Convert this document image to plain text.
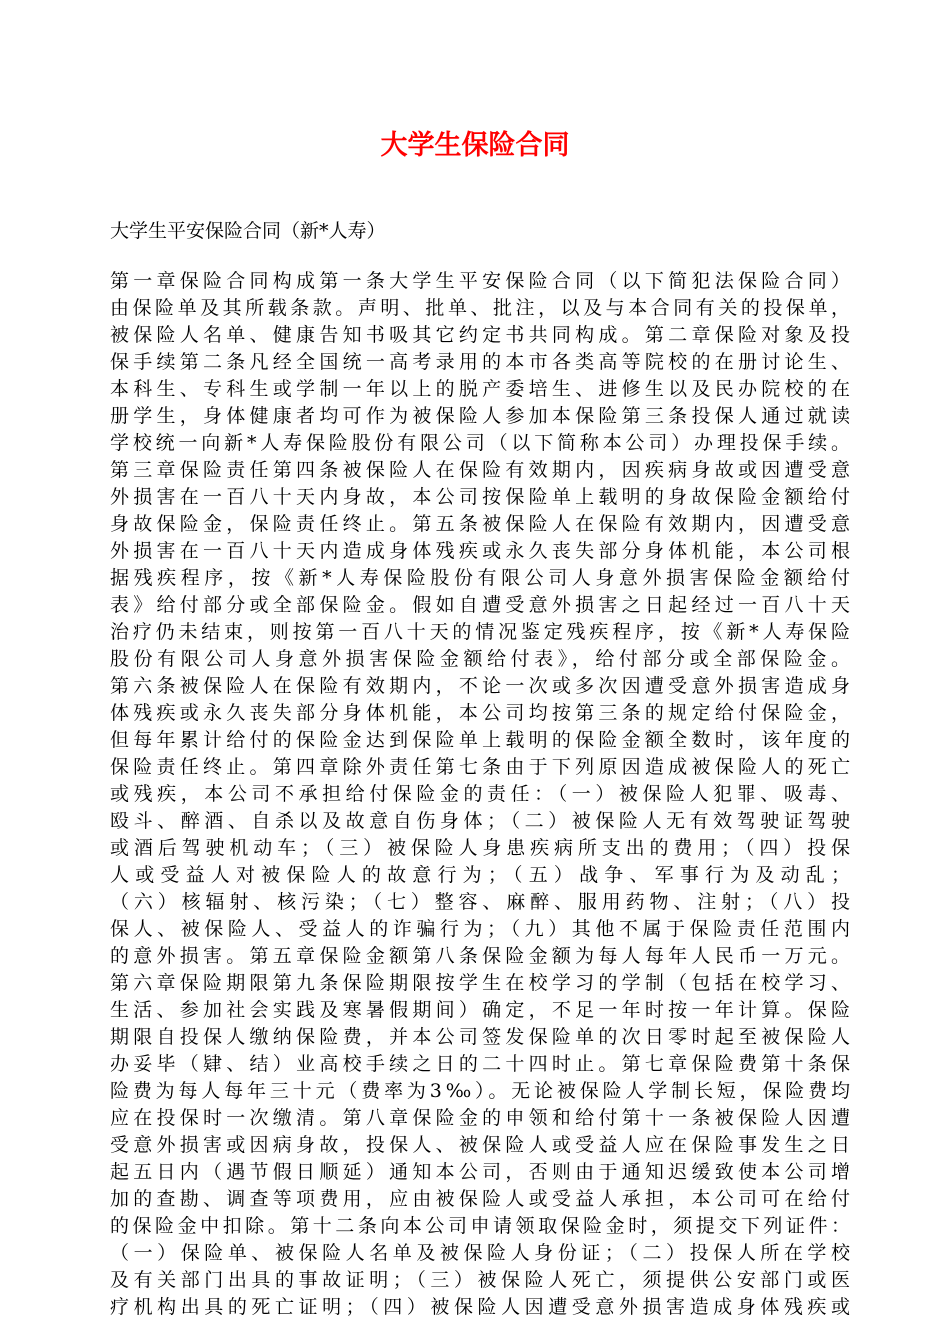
大学生保险合同

大学生平安保险合同（新*人寿）

第一章保险合同构成第一条大学生平安保险合同（以下简犯法保险合同）
由保险单及其所载条款。声明、批单、批注，以及与本合同有关的投保单，
被保险人名单、健康告知书吸其它约定书共同构成。第二章保险对象及投
保手续第二条凡经全国统一高考录用的本市各类高等院校的在册讨论生、
本科生、专科生或学制一年以上的脱产委培生、进修生以及民办院校的在
册学生，身体健康者均可作为被保险人参加本保险第三条投保人通过就读
学校统一向新*人寿保险股份有限公司（以下简称本公司）办理投保手续。
第三章保险责任第四条被保险人在保险有效期内，因疾病身故或因遭受意
外损害在一百八十天内身故，本公司按保险单上载明的身故保险金额给付
身故保险金，保险责任终止。第五条被保险人在保险有效期内，因遭受意
外损害在一百八十天内造成身体残疾或永久丧失部分身体机能，本公司根
据残疾程序，按《新*人寿保险股份有限公司人身意外损害保险金额给付
表》给付部分或全部保险金。假如自遭受意外损害之日起经过一百八十天
治疗仍未结束，则按第一百八十天的情况鉴定残疾程序，按《新*人寿保险
股份有限公司人身意外损害保险金额给付表》，给付部分或全部保险金。
第六条被保险人在保险有效期内，不论一次或多次因遭受意外损害造成身
体残疾或永久丧失部分身体机能，本公司均按第三条的规定给付保险金，
但每年累计给付的保险金达到保险单上载明的保险金额全数时，该年度的
保险责任终止。第四章除外责任第七条由于下列原因造成被保险人的死亡
或残疾，本公司不承担给付保险金的责任：（一）被保险人犯罪、吸毒、
殴斗、醉酒、自杀以及故意自伤身体；（二）被保险人无有效驾驶证驾驶
或酒后驾驶机动车；（三）被保险人身患疾病所支出的费用；（四）投保
人或受益人对被保险人的故意行为；（五）战争、军事行为及动乱；
（六）核辐射、核污染；（七）整容、麻醉、服用药物、注射；（八）投
保人、被保险人、受益人的诈骗行为；（九）其他不属于保险责任范围内
的意外损害。第五章保险金额第八条保险金额为每人每年人民币一万元。
第六章保险期限第九条保险期限按学生在校学习的学制（包括在校学习、
生活、参加社会实践及寒暑假期间）确定，不足一年时按一年计算。保险
期限自投保人缴纳保险费，并本公司签发保险单的次日零时起至被保险人
办妥毕（肄、结）业高校手续之日的二十四时止。第七章保险费第十条保
险费为每人每年三十元（费率为3‰）。无论被保险人学制长短，保险费均
应在投保时一次缴清。第八章保险金的申领和给付第十一条被保险人因遭
受意外损害或因病身故，投保人、被保险人或受益人应在保险事发生之日
起五日内（遇节假日顺延）通知本公司，否则由于通知迟缓致使本公司增
加的查勘、调查等项费用，应由被保险人或受益人承担，本公司可在给付
的保险金中扣除。第十二条向本公司申请领取保险金时，须提交下列证件：
（一）保险单、被保险人名单及被保险人身份证；（二）投保人所在学校
及有关部门出具的事故证明；（三）被保险人死亡，须提供公安部门或医
疗机构出具的死亡证明；（四）被保险人因遭受意外损害造成身体残疾或
